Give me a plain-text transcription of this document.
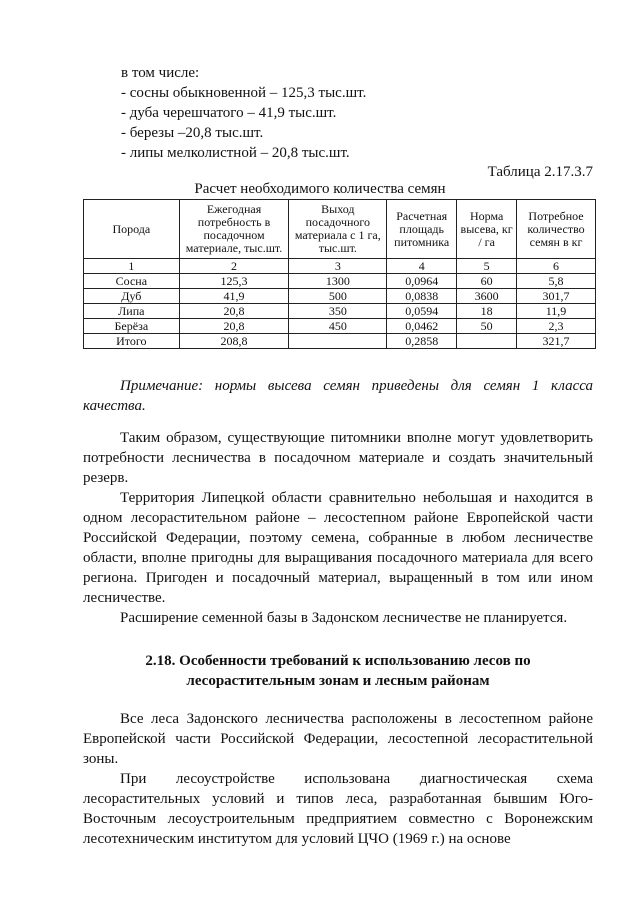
в том числе:
- сосны обыкновенной – 125,3 тыс.шт.
- дуба черешчатого – 41,9 тыс.шт.
- березы –20,8 тыс.шт.
- липы мелколистной – 20,8 тыс.шт.
Таблица 2.17.3.7
Расчет необходимого количества семян
Порода	Ежегодная потребность в посадочном материале, тыс.шт.	Выход посадочного материала с 1 га, тыс.шт.	Расчетная площадь питомника	Норма высева, кг / га	Потребное количество семян в кг
1	2	3	4	5	6
Сосна	125,3	1300	0,0964	60	5,8
Дуб	41,9	500	0,0838	3600	301,7
Липа	20,8	350	0,0594	18	11,9
Берёза	20,8	450	0,0462	50	2,3
Итого	208,8		0,2858		321,7
Примечание: нормы высева семян приведены для семян 1 класса качества.
Таким образом, существующие питомники вполне могут удовлетворить потребности лесничества в посадочном материале и создать значительный резерв.
Территория Липецкой области сравнительно небольшая и находится в одном лесорастительном районе – лесостепном районе Европейской части Российской Федерации, поэтому семена, собранные в любом лесничестве области, вполне пригодны для выращивания посадочного материала для всего региона. Пригоден и посадочный материал, выращенный в том или ином лесничестве.
Расширение семенной базы в Задонском лесничестве не планируется.
2.18. Особенности требований к использованию лесов по лесорастительным зонам и лесным районам
Все леса Задонского лесничества расположены в лесостепном районе Европейской части Российской Федерации, лесостепной лесорастительной зоны.
При лесоустройстве использована диагностическая схема лесорастительных условий и типов леса, разработанная бывшим Юго-Восточным лесоустроительным предприятием совместно с Воронежским лесотехническим институтом для условий ЦЧО (1969 г.) на основе
